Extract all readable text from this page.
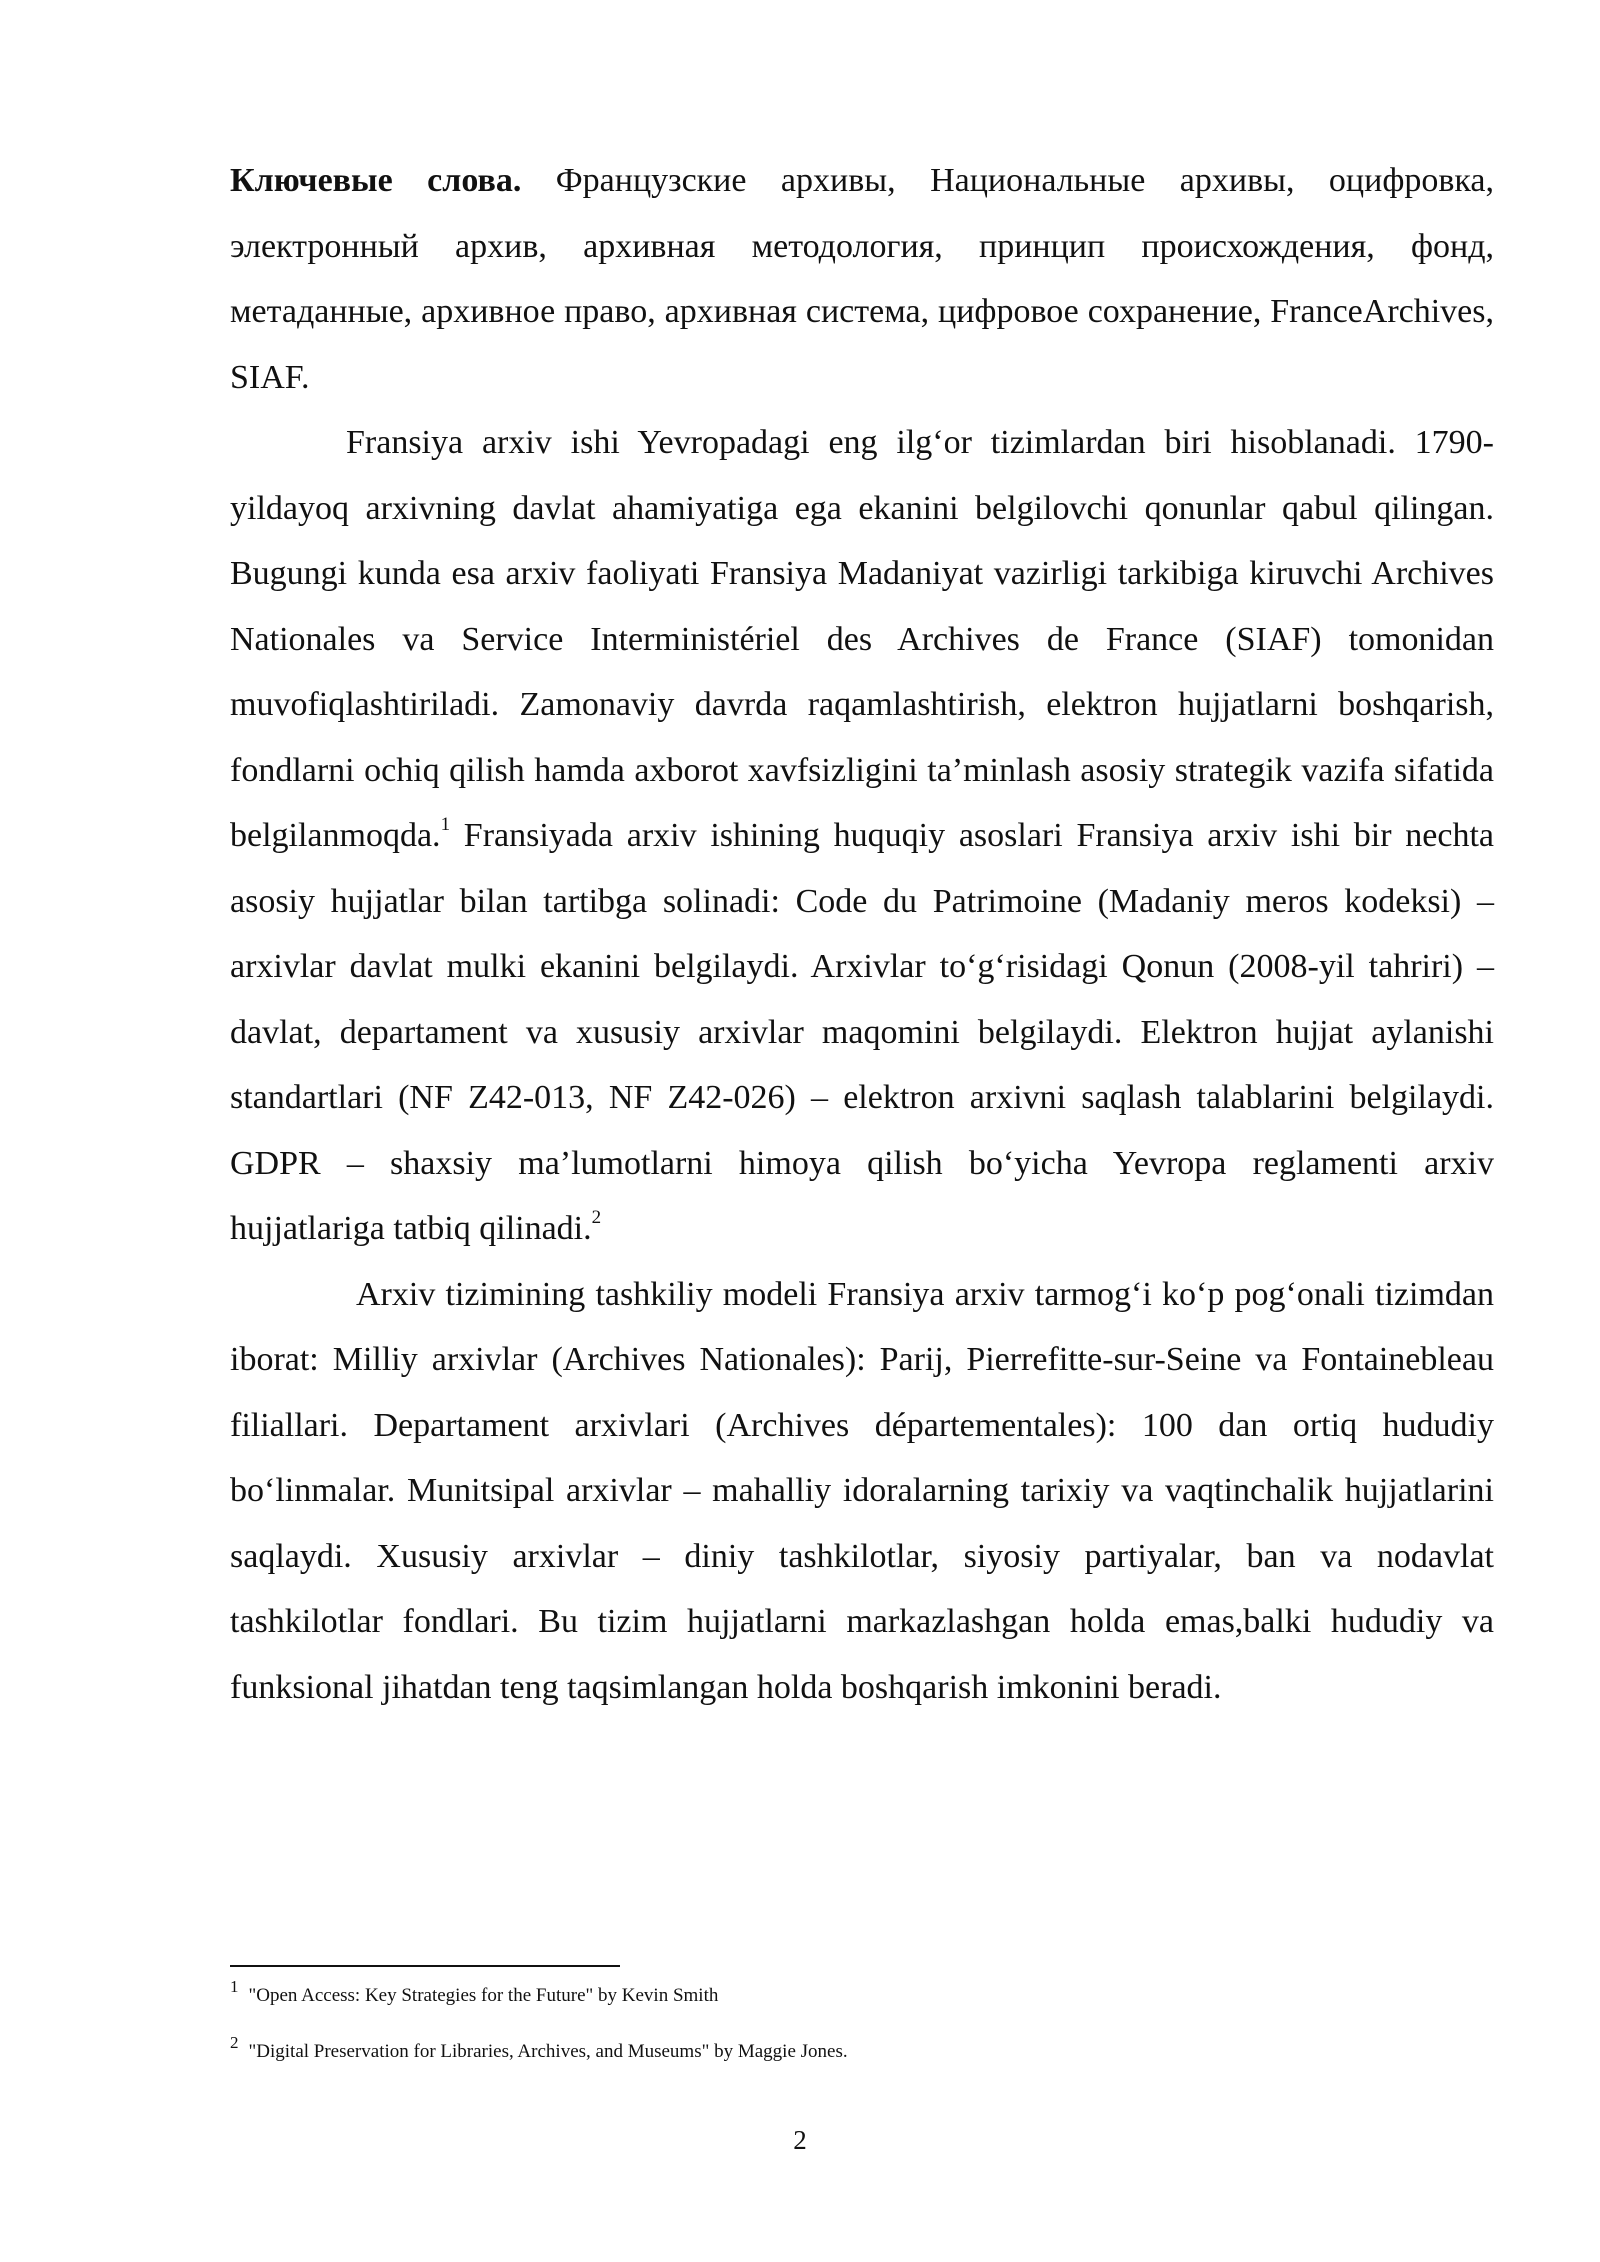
Ключевые слова. Французские архивы, Национальные архивы, оцифровка, электронный архив, архивная методология, принцип происхождения, фонд, метаданные, архивное право, архивная система, цифровое сохранение, FranceArchives, SIAF.

Fransiya arxiv ishi Yevropadagi eng ilg‘or tizimlardan biri hisoblanadi. 1790-yildayoq arxivning davlat ahamiyatiga ega ekanini belgilovchi qonunlar qabul qilingan. Bugungi kunda esa arxiv faoliyati Fransiya Madaniyat vazirligi tarkibiga kiruvchi Archives Nationales va Service Interministériel des Archives de France (SIAF) tomonidan muvofiqlashtiriladi. Zamonaviy davrda raqamlashtirish, elektron hujjatlarni boshqarish, fondlarni ochiq qilish hamda axborot xavfsizligini ta’minlash asosiy strategik vazifa sifatida belgilanmoqda.$^1$ Fransiyada arxiv ishining huquqiy asoslari Fransiya arxiv ishi bir nechta asosiy hujjatlar bilan tartibga solinadi: Code du Patrimoine (Madaniy meros kodeksi) – arxivlar davlat mulki ekanini belgilaydi. Arxivlar to‘g‘risidagi Qonun (2008-yil tahriri) – davlat, departament va xususiy arxivlar maqomini belgilaydi. Elektron hujjat aylanishi standartlari (NF Z42-013, NF Z42-026) – elektron arxivni saqlash talablarini belgilaydi. GDPR – shaxsiy ma’lumotlarni himoya qilish bo‘yicha Yevropa reglamenti arxiv hujjatlariga tatbiq qilinadi.$^2$

Arxiv tizimining tashkiliy modeli Fransiya arxiv tarmog‘i ko‘p pog‘onali tizimdan iborat: Milliy arxivlar (Archives Nationales): Parij, Pierrefitte-sur-Seine va Fontainebleau filiallari. Departament arxivlari (Archives départementales): 100 dan ortiq hududiy bo‘linmalar. Munitsipal arxivlar – mahalliy idoralarning tarixiy va vaqtinchalik hujjatlarini saqlaydi. Xususiy arxivlar – diniy tashkilotlar, siyosiy partiyalar, ban va nodavlat tashkilotlar fondlari. Bu tizim hujjatlarni markazlashgan holda emas,balki hududiy va funksional jihatdan teng taqsimlangan holda boshqarish imkonini beradi.

1 "Open Access: Key Strategies for the Future" by Kevin Smith
2 "Digital Preservation for Libraries, Archives, and Museums" by Maggie Jones.
2
